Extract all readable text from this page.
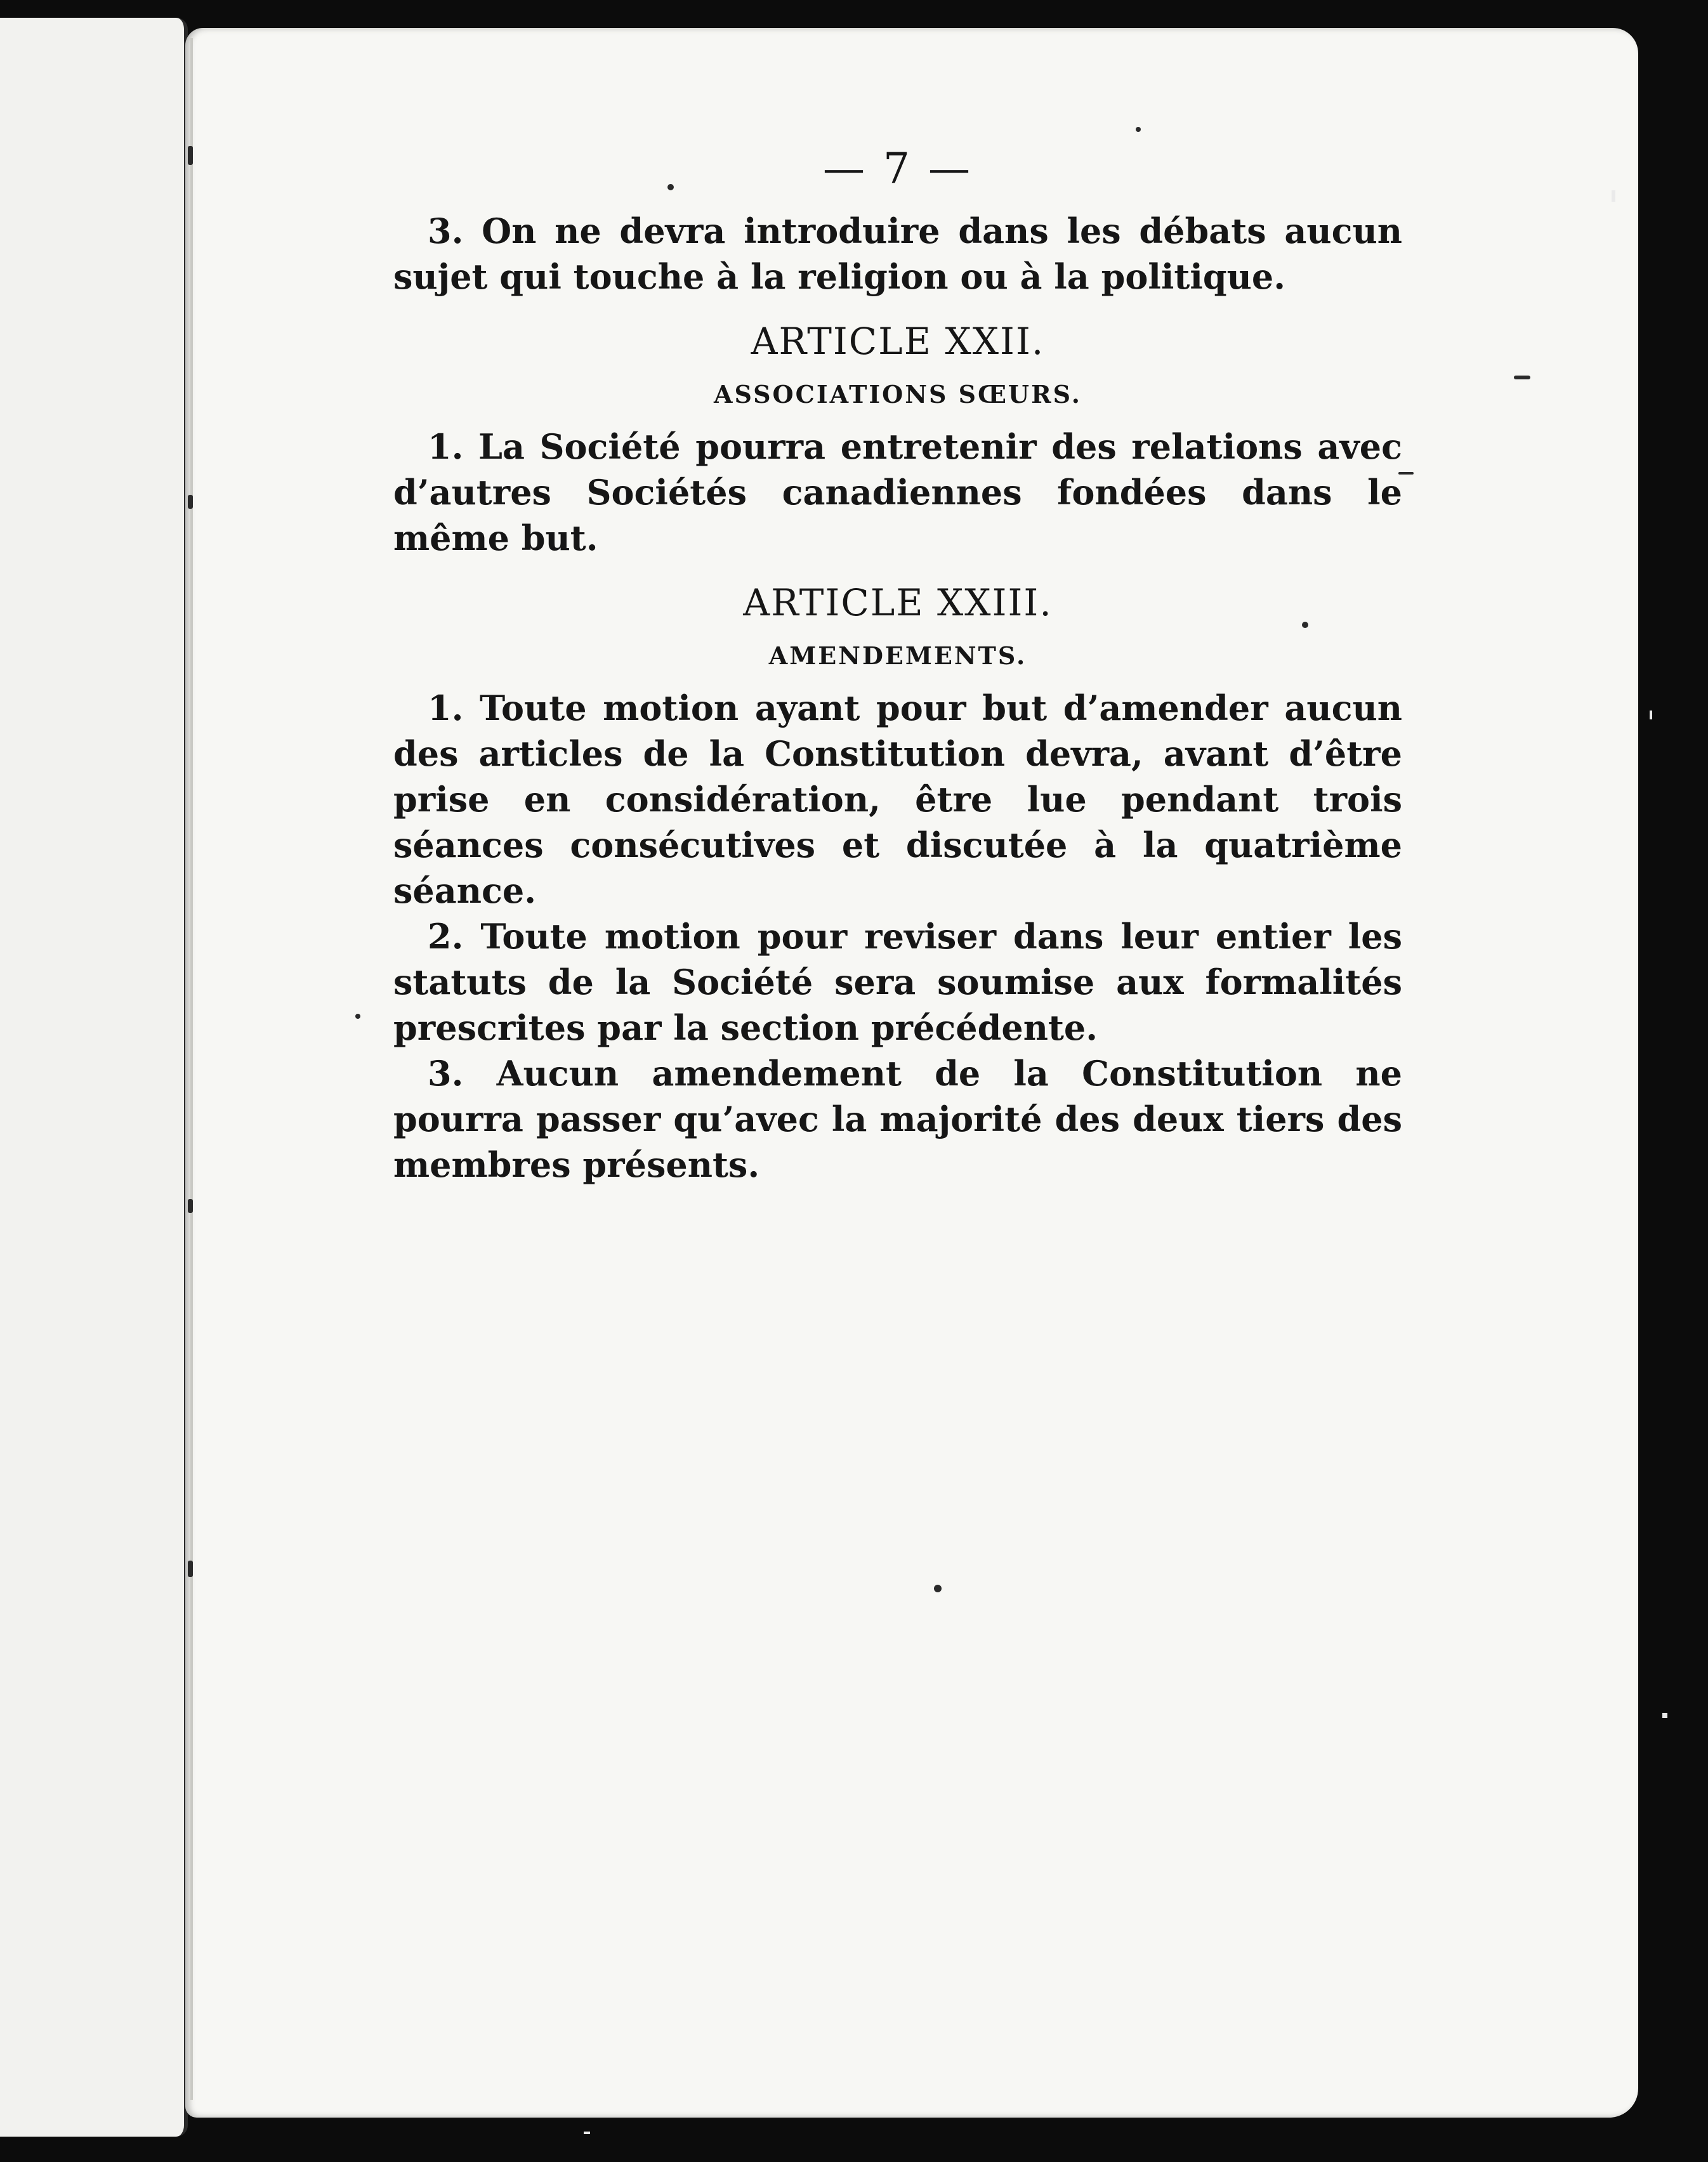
— 7 —

3. On ne devra introduire dans les débats aucun sujet qui touche à la religion ou à la politique.

ARTICLE XXII.
ASSOCIATIONS SŒURS.

1. La Société pourra entretenir des relations avec d’autres Sociétés canadiennes fondées dans le même but.

ARTICLE XXIII.
AMENDEMENTS.

1. Toute motion ayant pour but d’amender aucun des articles de la Constitution devra, avant d’être prise en considération, être lue pendant trois séances consécutives et discutée à la quatrième séance.

2. Toute motion pour reviser dans leur entier les statuts de la Société sera soumise aux formalités prescrites par la section précédente.

3. Aucun amendement de la Constitution ne pourra passer qu’avec la majorité des deux tiers des membres présents.
